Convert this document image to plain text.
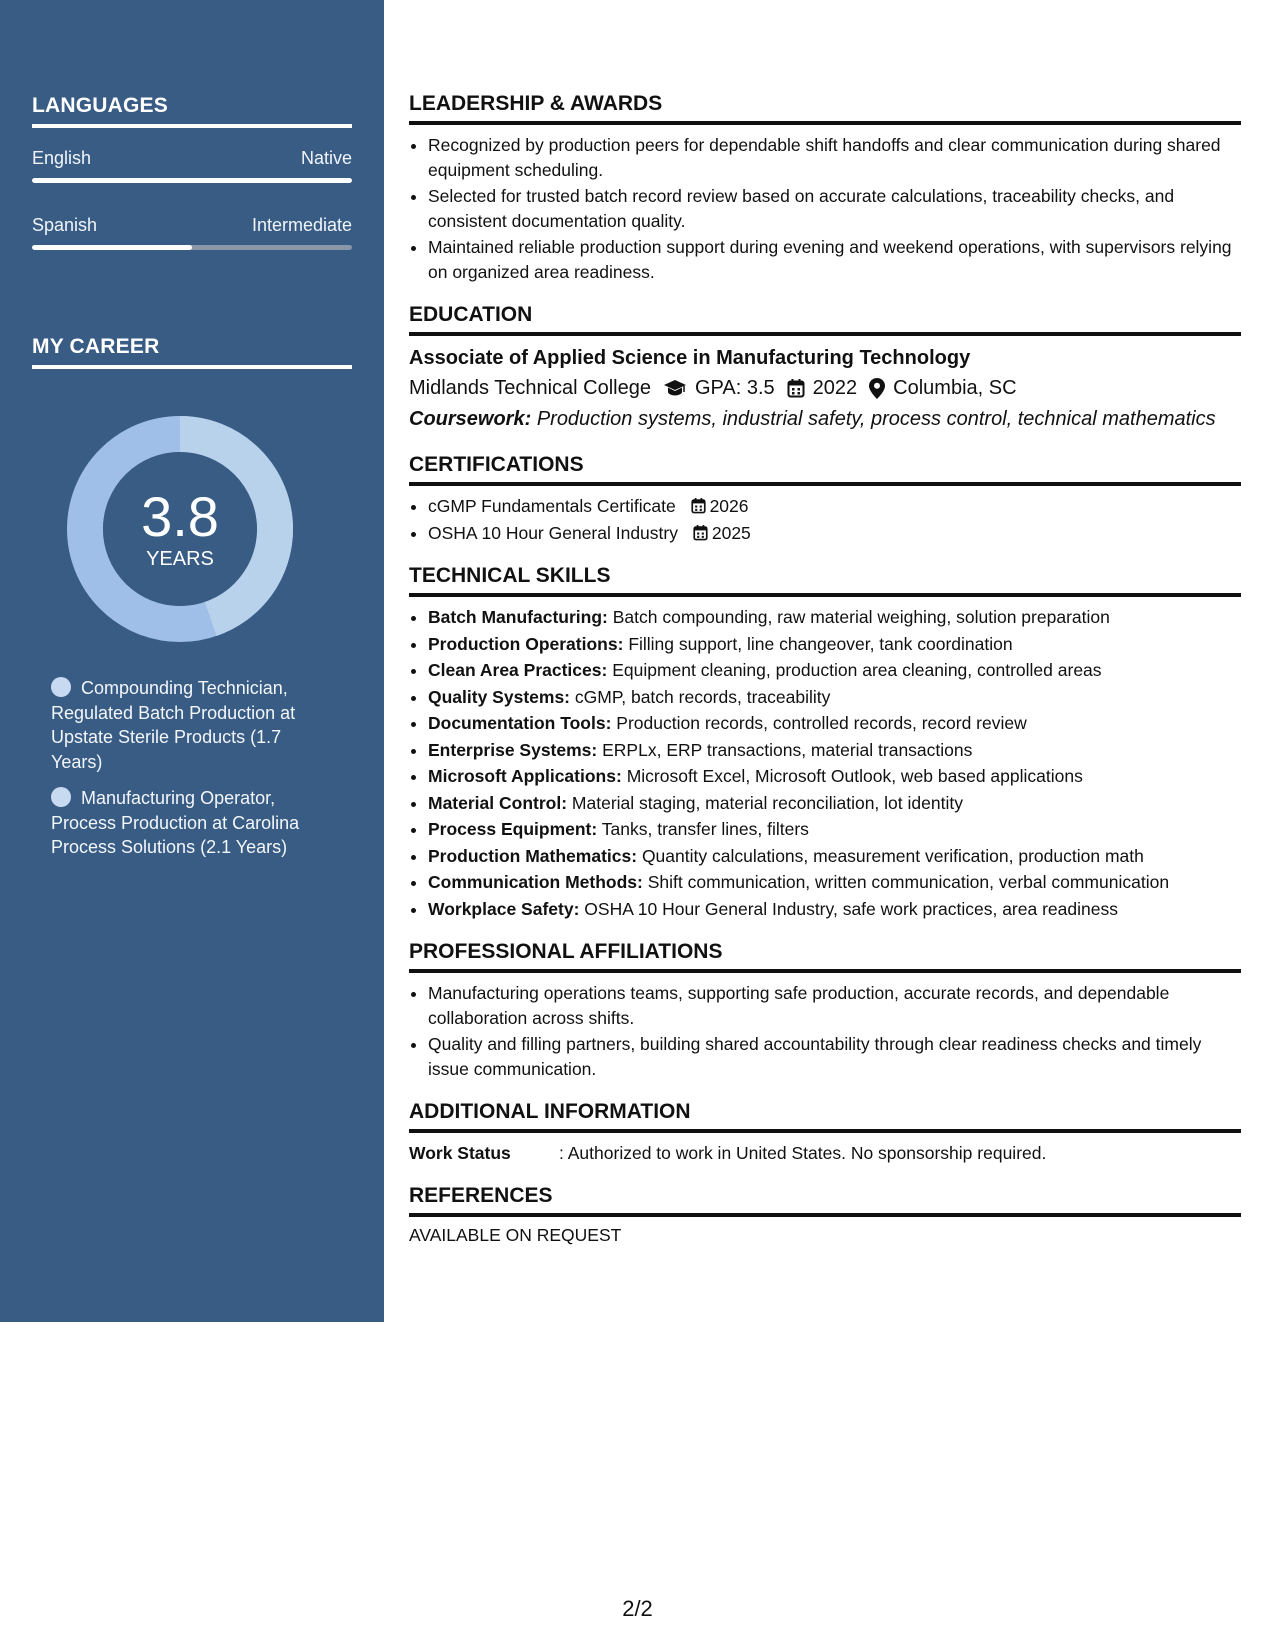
LANGUAGES
English	Native
Spanish	Intermediate
MY CAREER
3.8
YEARS
Compounding Technician, Regulated Batch Production at Upstate Sterile Products (1.7 Years)
Manufacturing Operator, Process Production at Carolina Process Solutions (2.1 Years)
LEADERSHIP & AWARDS
• Recognized by production peers for dependable shift handoffs and clear communication during shared equipment scheduling.
• Selected for trusted batch record review based on accurate calculations, traceability checks, and consistent documentation quality.
• Maintained reliable production support during evening and weekend operations, with supervisors relying on organized area readiness.
EDUCATION
Associate of Applied Science in Manufacturing Technology
Midlands Technical College GPA: 3.5 2022 Columbia, SC
Coursework: Production systems, industrial safety, process control, technical mathematics
CERTIFICATIONS
• cGMP Fundamentals Certificate 2026
• OSHA 10 Hour General Industry 2025
TECHNICAL SKILLS
• Batch Manufacturing: Batch compounding, raw material weighing, solution preparation
• Production Operations: Filling support, line changeover, tank coordination
• Clean Area Practices: Equipment cleaning, production area cleaning, controlled areas
• Quality Systems: cGMP, batch records, traceability
• Documentation Tools: Production records, controlled records, record review
• Enterprise Systems: ERPLx, ERP transactions, material transactions
• Microsoft Applications: Microsoft Excel, Microsoft Outlook, web based applications
• Material Control: Material staging, material reconciliation, lot identity
• Process Equipment: Tanks, transfer lines, filters
• Production Mathematics: Quantity calculations, measurement verification, production math
• Communication Methods: Shift communication, written communication, verbal communication
• Workplace Safety: OSHA 10 Hour General Industry, safe work practices, area readiness
PROFESSIONAL AFFILIATIONS
• Manufacturing operations teams, supporting safe production, accurate records, and dependable collaboration across shifts.
• Quality and filling partners, building shared accountability through clear readiness checks and timely issue communication.
ADDITIONAL INFORMATION
Work Status	: Authorized to work in United States. No sponsorship required.
REFERENCES
AVAILABLE ON REQUEST
2/2
